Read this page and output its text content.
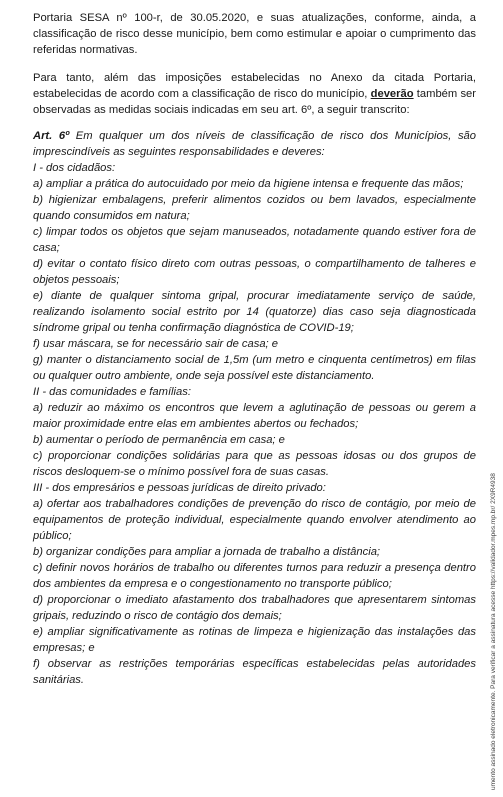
Portaria SESA nº 100-r, de 30.05.2020, e suas atualizações, conforme, ainda, a classificação de risco desse município, bem como estimular e apoiar o cumprimento das referidas normativas.

Para tanto, além das imposições estabelecidas no Anexo da citada Portaria, estabelecidas de acordo com a classificação de risco do município, deverão também ser observadas as medidas sociais indicadas em seu art. 6º, a seguir transcrito:

Art. 6º Em qualquer um dos níveis de classificação de risco dos Municípios, são imprescindíveis as seguintes responsabilidades e deveres:

I - dos cidadãos:

a) ampliar a prática do autocuidado por meio da higiene intensa e frequente das mãos;

b) higienizar embalagens, preferir alimentos cozidos ou bem lavados, especialmente quando consumidos em natura;

c) limpar todos os objetos que sejam manuseados, notadamente quando estiver fora de casa;

d) evitar o contato físico direto com outras pessoas, o compartilhamento de talheres e objetos pessoais;

e) diante de qualquer sintoma gripal, procurar imediatamente serviço de saúde, realizando isolamento social estrito por 14 (quatorze) dias caso seja diagnosticada síndrome gripal ou tenha confirmação diagnóstica de COVID-19;

f) usar máscara, se for necessário sair de casa; e

g) manter o distanciamento social de 1,5m (um metro e cinquenta centímetros) em filas ou qualquer outro ambiente, onde seja possível este distanciamento.

II - das comunidades e famílias:

a) reduzir ao máximo os encontros que levem a aglutinação de pessoas ou gerem a maior proximidade entre elas em ambientes abertos ou fechados;

b) aumentar o período de permanência em casa; e

c) proporcionar condições solidárias para que as pessoas idosas ou dos grupos de riscos desloquem-se o mínimo possível fora de suas casas.

III - dos empresários e pessoas jurídicas de direito privado:

a) ofertar aos trabalhadores condições de prevenção do risco de contágio, por meio de equipamentos de proteção individual, especialmente quando envolver atendimento ao público;

b) organizar condições para ampliar a jornada de trabalho a distância;

c) definir novos horários de trabalho ou diferentes turnos para reduzir a presença dentro dos ambientes da empresa e o congestionamento no transporte público;

d) proporcionar o imediato afastamento dos trabalhadores que apresentarem sintomas gripais, reduzindo o risco de contágio dos demais;

e) ampliar significativamente as rotinas de limpeza e higienização das instalações das empresas; e

f) observar as restrições temporárias específicas estabelecidas pelas autoridades sanitárias.	umento assinado eletronicamente. Para verificar a assinatura acesse https://validador.mpes.mp.br/ 2X9R4938
